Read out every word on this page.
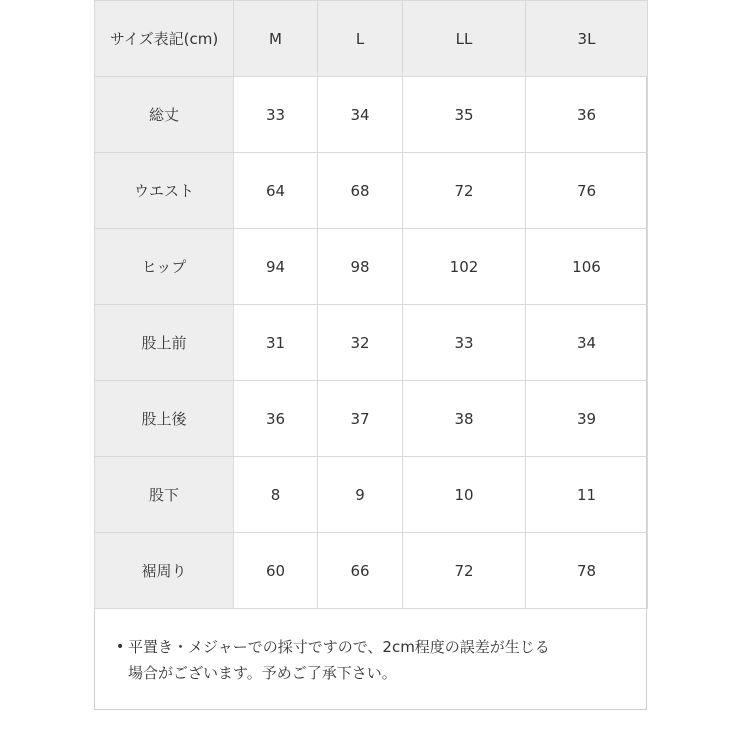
サイズ表記(cm)	M	L	LL	3L
総丈	33	34	35	36
ウエスト	64	68	72	76
ヒップ	94	98	102	106
股上前	31	32	33	34
股上後	36	37	38	39
股下	8	9	10	11
裾周り	60	66	72	78
• 平置き・メジャーでの採寸ですので、2cm程度の誤差が生じる
場合がございます。予めご了承下さい。
